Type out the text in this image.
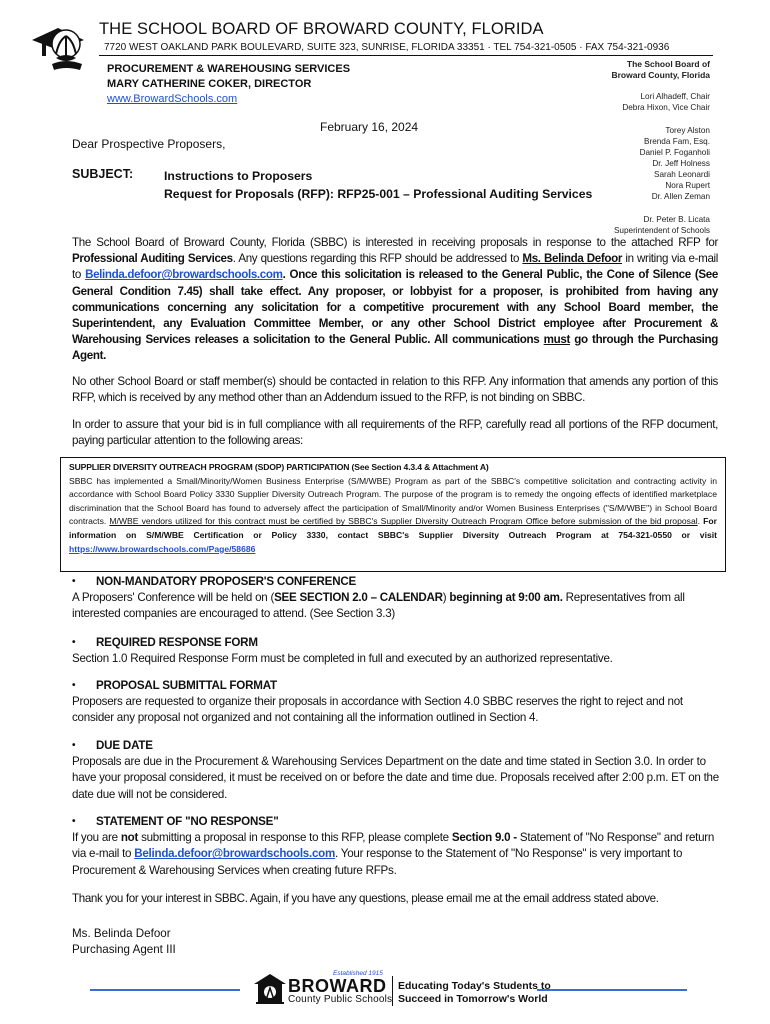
THE SCHOOL BOARD OF BROWARD COUNTY, FLORIDA
7720 WEST OAKLAND PARK BOULEVARD, SUITE 323, SUNRISE, FLORIDA 33351 · TEL 754-321-0505 · FAX 754-321-0936
PROCUREMENT & WAREHOUSING SERVICES
MARY CATHERINE COKER, DIRECTOR
www.BrowardSchools.com
The School Board of
Broward County, Florida
Lori Alhadeff, Chair
Debra Hixon, Vice Chair
Torey Alston
Brenda Fam, Esq.
Daniel P. Foganholi
Dr. Jeff Holness
Sarah Leonardi
Nora Rupert
Dr. Allen Zeman
Dr. Peter B. Licata
Superintendent of Schools
February 16, 2024
Dear Prospective Proposers,
SUBJECT:	Instructions to Proposers
Request for Proposals (RFP): RFP25-001 – Professional Auditing Services
The School Board of Broward County, Florida (SBBC) is interested in receiving proposals in response to the attached RFP for Professional Auditing Services. Any questions regarding this RFP should be addressed to Ms. Belinda Defoor in writing via e-mail to Belinda.defoor@browardschools.com. Once this solicitation is released to the General Public, the Cone of Silence (See General Condition 7.45) shall take effect. Any proposer, or lobbyist for a proposer, is prohibited from having any communications concerning any solicitation for a competitive procurement with any School Board member, the Superintendent, any Evaluation Committee Member, or any other School District employee after Procurement & Warehousing Services releases a solicitation to the General Public. All communications must go through the Purchasing Agent.
No other School Board or staff member(s) should be contacted in relation to this RFP. Any information that amends any portion of this RFP, which is received by any method other than an Addendum issued to the RFP, is not binding on SBBC.
In order to assure that your bid is in full compliance with all requirements of the RFP, carefully read all portions of the RFP document, paying particular attention to the following areas:
SUPPLIER DIVERSITY OUTREACH PROGRAM (SDOP) PARTICIPATION (See Section 4.3.4 & Attachment A)
SBBC has implemented a Small/Minority/Women Business Enterprise (S/M/WBE) Program as part of the SBBC's competitive solicitation and contracting activity in accordance with School Board Policy 3330 Supplier Diversity Outreach Program. The purpose of the program is to remedy the ongoing effects of identified marketplace discrimination that the School Board has found to adversely affect the participation of Small/Minority and/or Women Business Enterprises ("S/M/WBE") in School Board contracts. M/WBE vendors utilized for this contract must be certified by SBBC's Supplier Diversity Outreach Program Office before submission of the bid proposal. For information on S/M/WBE Certification or Policy 3330, contact SBBC's Supplier Diversity Outreach Program at 754-321-0550 or visit https://www.browardschools.com/Page/58686
•	NON-MANDATORY PROPOSER'S CONFERENCE
A Proposers' Conference will be held on (SEE SECTION 2.0 – CALENDAR) beginning at 9:00 am. Representatives from all interested companies are encouraged to attend. (See Section 3.3)
•	REQUIRED RESPONSE FORM
Section 1.0 Required Response Form must be completed in full and executed by an authorized representative.
•	PROPOSAL SUBMITTAL FORMAT
Proposers are requested to organize their proposals in accordance with Section 4.0 SBBC reserves the right to reject and not consider any proposal not organized and not containing all the information outlined in Section 4.
•	DUE DATE
Proposals are due in the Procurement & Warehousing Services Department on the date and time stated in Section 3.0. In order to have your proposal considered, it must be received on or before the date and time due. Proposals received after 2:00 p.m. ET on the date due will not be considered.
•	STATEMENT OF "NO RESPONSE"
If you are not submitting a proposal in response to this RFP, please complete Section 9.0 - Statement of "No Response" and return via e-mail to Belinda.defoor@browardschools.com. Your response to the Statement of "No Response" is very important to Procurement & Warehousing Services when creating future RFPs.
Thank you for your interest in SBBC. Again, if you have any questions, please email me at the email address stated above.
Ms. Belinda Defoor
Purchasing Agent III
Established 1915
BROWARD
County Public Schools
Educating Today's Students to
Succeed in Tomorrow's World
